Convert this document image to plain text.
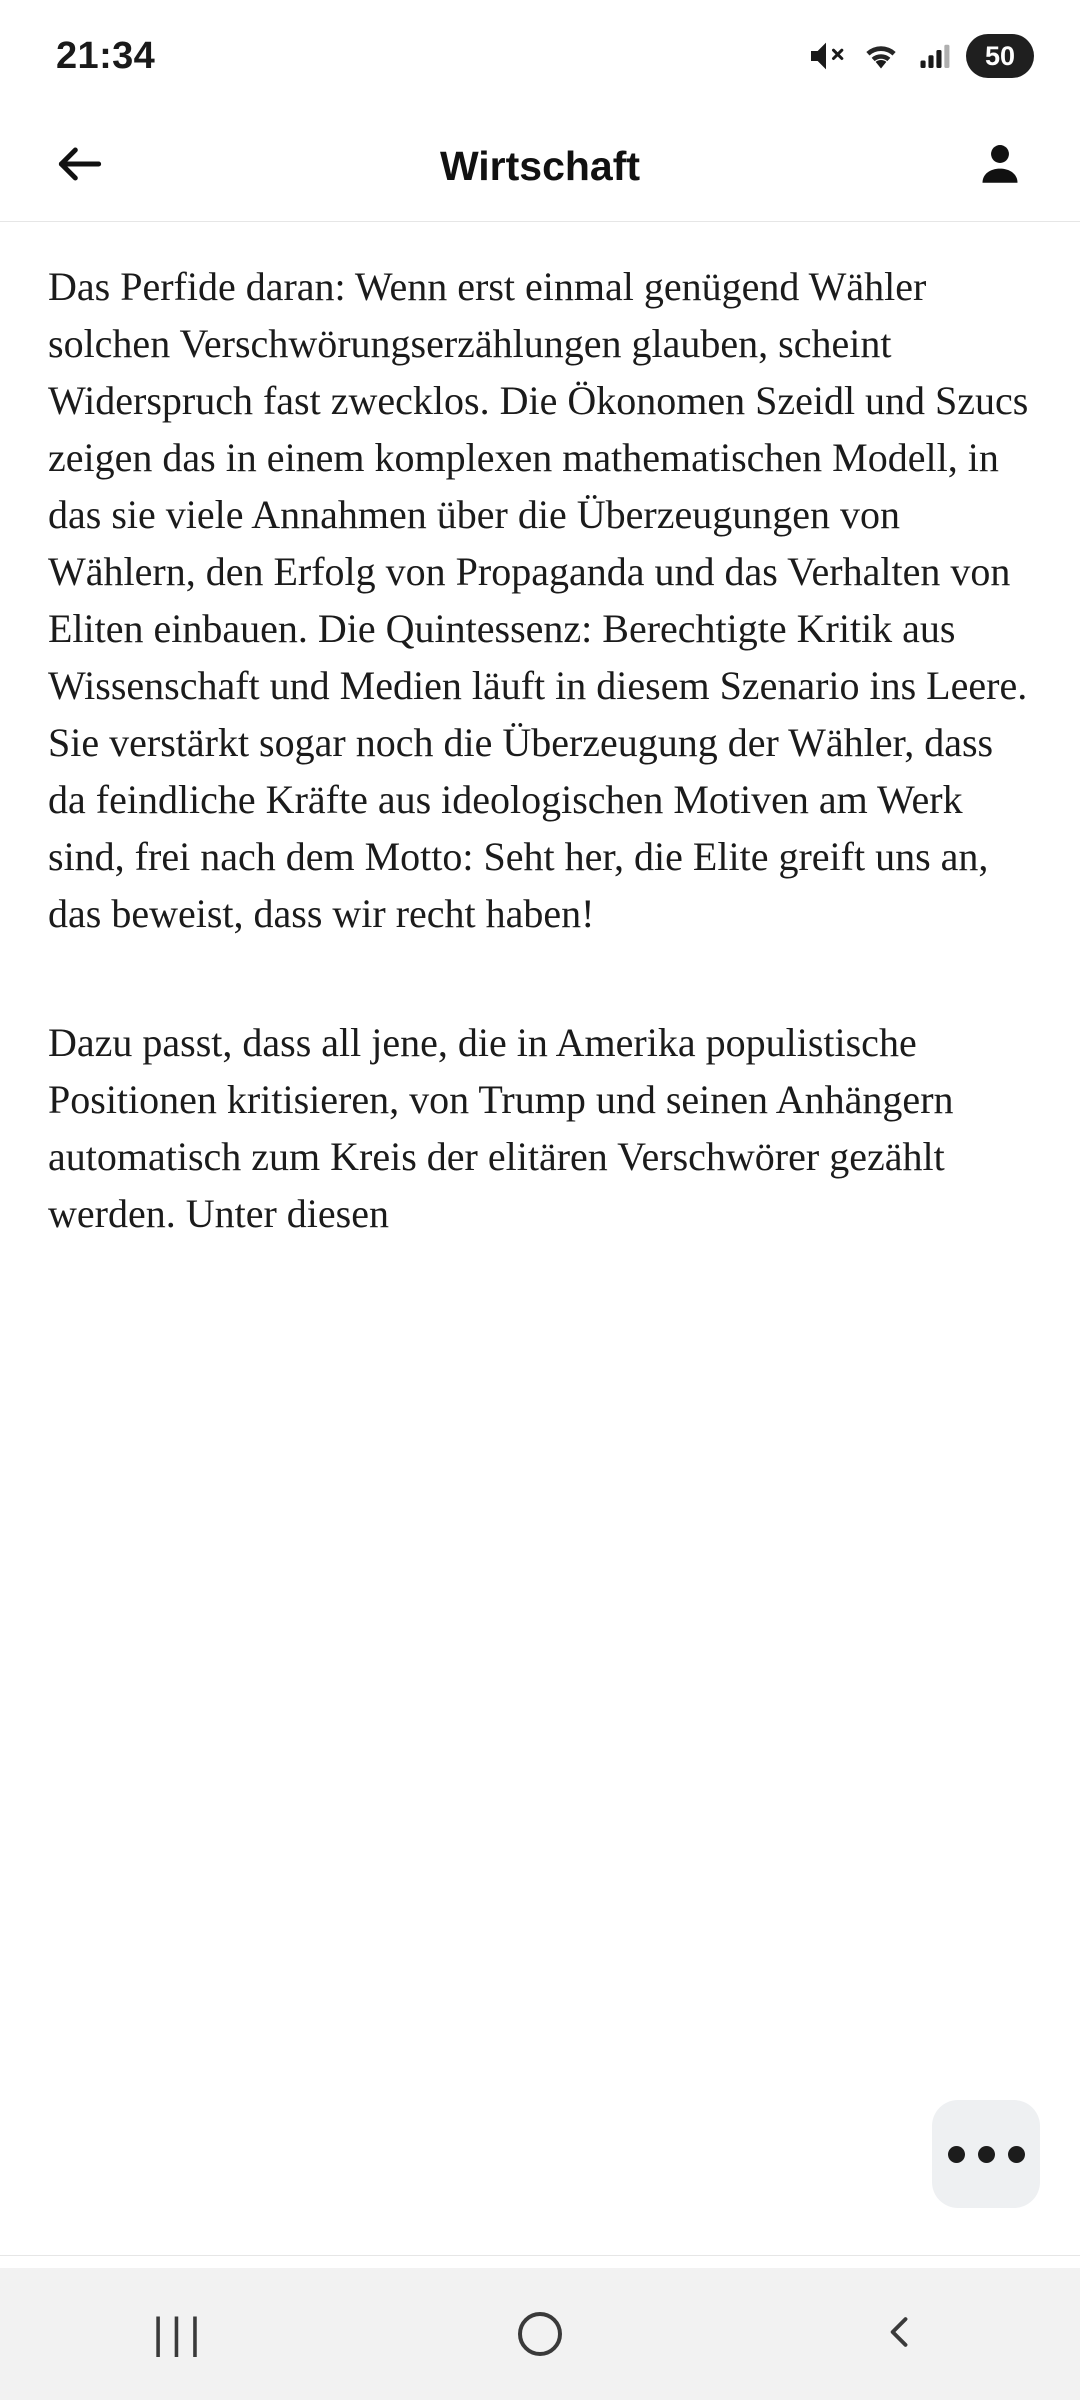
21:34	50
Wirtschaft

Das Perfide daran: Wenn erst einmal genügend Wähler solchen Verschwörungserzählungen glauben, scheint Widerspruch fast zwecklos. Die Ökonomen Szeidl und Szucs zeigen das in einem komplexen mathematischen Modell, in das sie viele Annahmen über die Überzeugungen von Wählern, den Erfolg von Propaganda und das Verhalten von Eliten einbauen. Die Quintessenz: Berechtigte Kritik aus Wissenschaft und Medien läuft in diesem Szenario ins Leere. Sie verstärkt sogar noch die Überzeugung der Wähler, dass da feindliche Kräfte aus ideologischen Motiven am Werk sind, frei nach dem Motto: Seht her, die Elite greift uns an, das beweist, dass wir recht haben!

Dazu passt, dass all jene, die in Amerika populistische Positionen kritisieren, von Trump und seinen Anhängern automatisch zum Kreis der elitären Verschwörer gezählt werden. Unter diesen

|||
